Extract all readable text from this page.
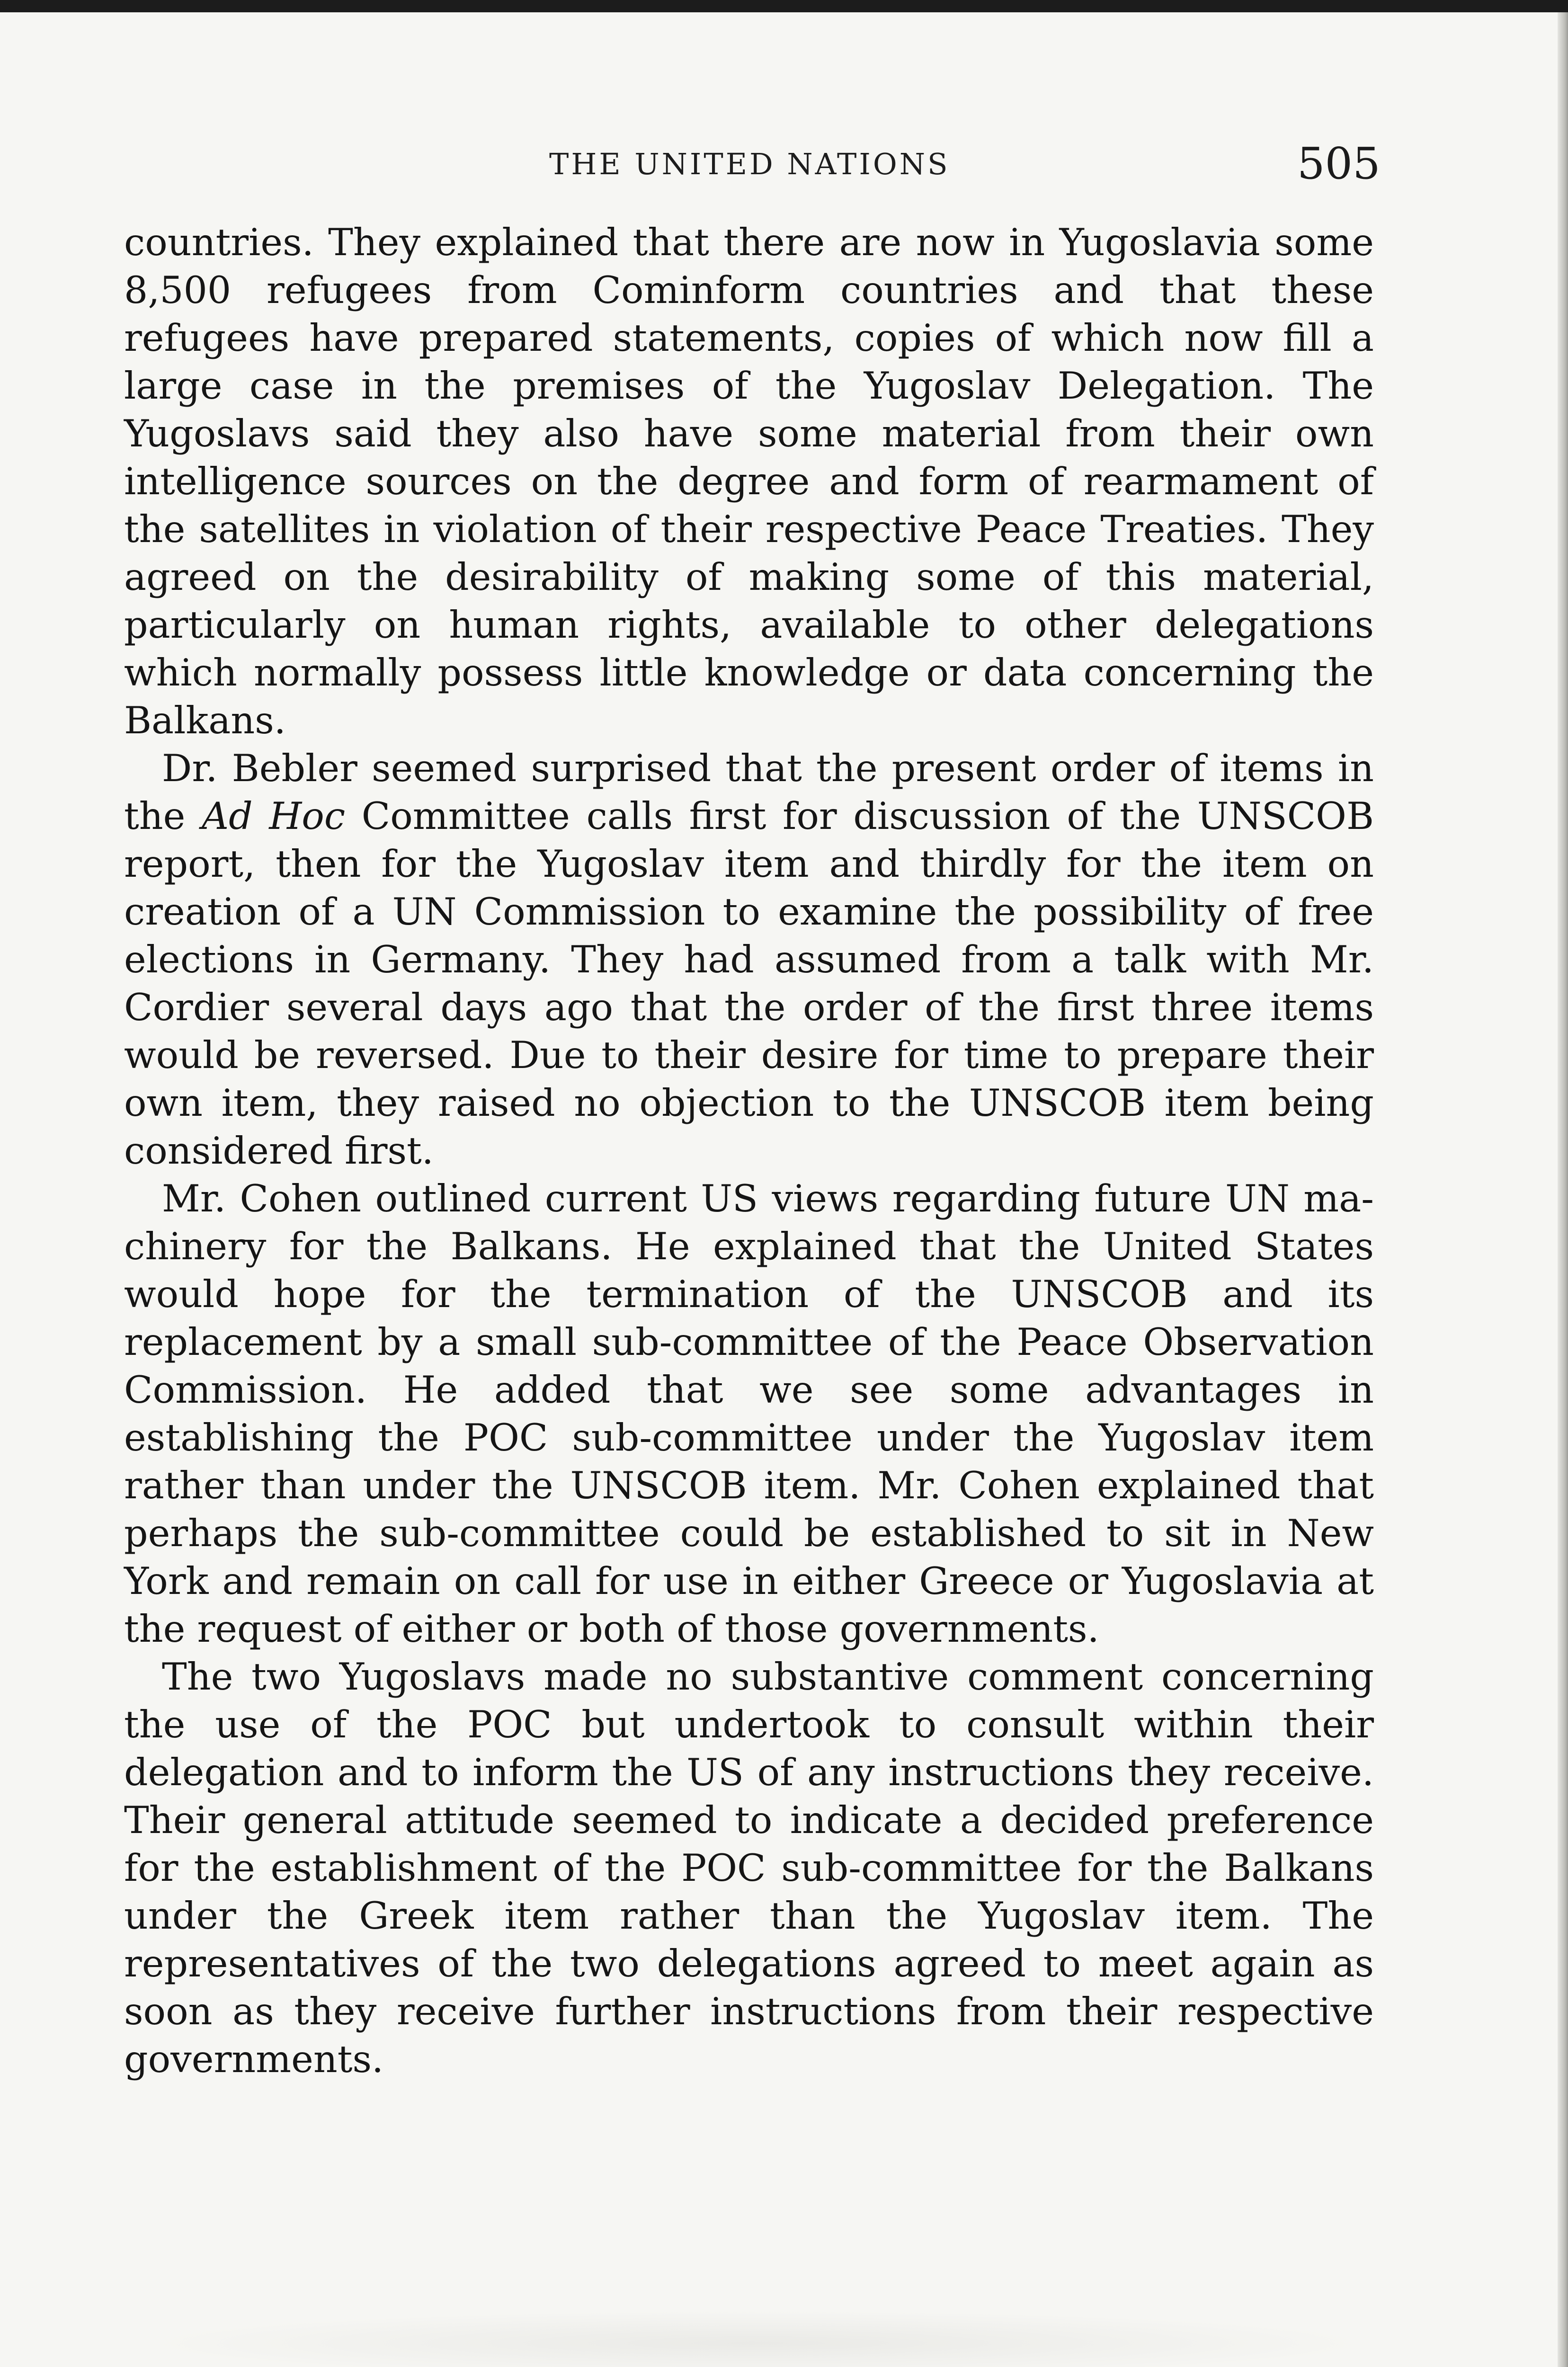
THE UNITED NATIONS	505

countries. They explained that there are now in Yugoslavia some 8,500 refugees from Cominform countries and that these refugees have prepared statements, copies of which now fill a large case in the premises of the Yugoslav Delegation. The Yugoslavs said they also have some material from their own intelligence sources on the degree and form of rearmament of the satellites in violation of their respective Peace Treaties. They agreed on the desirability of making some of this material, particularly on human rights, available to other delegations which normally possess little knowledge or data concerning the Balkans.

Dr. Bebler seemed surprised that the present order of items in the Ad Hoc Committee calls first for discussion of the UNSCOB report, then for the Yugoslav item and thirdly for the item on creation of a UN Commission to examine the possibility of free elections in Germany. They had assumed from a talk with Mr. Cordier several days ago that the order of the first three items would be reversed. Due to their desire for time to prepare their own item, they raised no objection to the UNSCOB item being considered first.

Mr. Cohen outlined current US views regarding future UN machinery for the Balkans. He explained that the United States would hope for the termination of the UNSCOB and its replacement by a small sub-committee of the Peace Observation Commission. He added that we see some advantages in establishing the POC sub-committee under the Yugoslav item rather than under the UNSCOB item. Mr. Cohen explained that perhaps the sub-committee could be established to sit in New York and remain on call for use in either Greece or Yugoslavia at the request of either or both of those governments.

The two Yugoslavs made no substantive comment concerning the use of the POC but undertook to consult within their delegation and to inform the US of any instructions they receive. Their general attitude seemed to indicate a decided preference for the establishment of the POC sub-committee for the Balkans under the Greek item rather than the Yugoslav item. The representatives of the two delegations agreed to meet again as soon as they receive further instructions from their respective governments.
